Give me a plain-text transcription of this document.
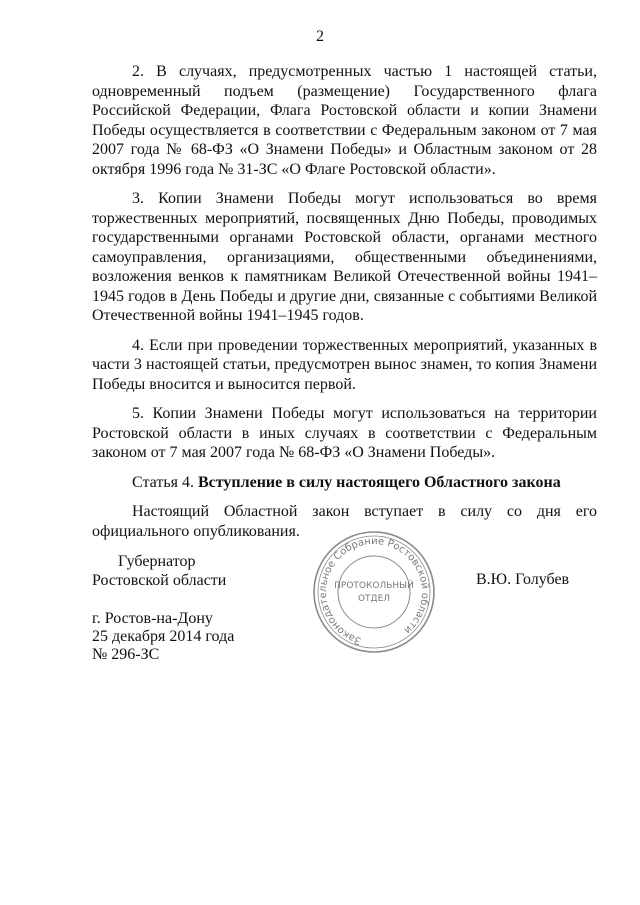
2

2. В случаях, предусмотренных частью 1 настоящей статьи, одновременный подъем (размещение) Государственного флага Российской Федерации, Флага Ростовской области и копии Знамени Победы осуществляется в соответствии с Федеральным законом от 7 мая 2007 года № 68-ФЗ «О Знамени Победы» и Областным законом от 28 октября 1996 года № 31-ЗС «О Флаге Ростовской области».

3. Копии Знамени Победы могут использоваться во время торжественных мероприятий, посвященных Дню Победы, проводимых государственными органами Ростовской области, органами местного самоуправления, организациями, общественными объединениями, возложения венков к памятникам Великой Отечественной войны 1941–1945 годов в День Победы и другие дни, связанные с событиями Великой Отечественной войны 1941–1945 годов.

4. Если при проведении торжественных мероприятий, указанных в части 3 настоящей статьи, предусмотрен вынос знамен, то копия Знамени Победы вносится и выносится первой.

5. Копии Знамени Победы могут использоваться на территории Ростовской области в иных случаях в соответствии с Федеральным законом от 7 мая 2007 года № 68-ФЗ «О Знамени Победы».

Статья 4. Вступление в силу настоящего Областного закона

Настоящий Областной закон вступает в силу со дня его официального опубликования.

Губернатор
Ростовской области	В.Ю. Голубев
г. Ростов-на-Дону
25 декабря 2014 года
№ 296-ЗС
Законодательное Собрание Ростовской области
ПРОТОКОЛЬНЫЙ
ОТДЕЛ
